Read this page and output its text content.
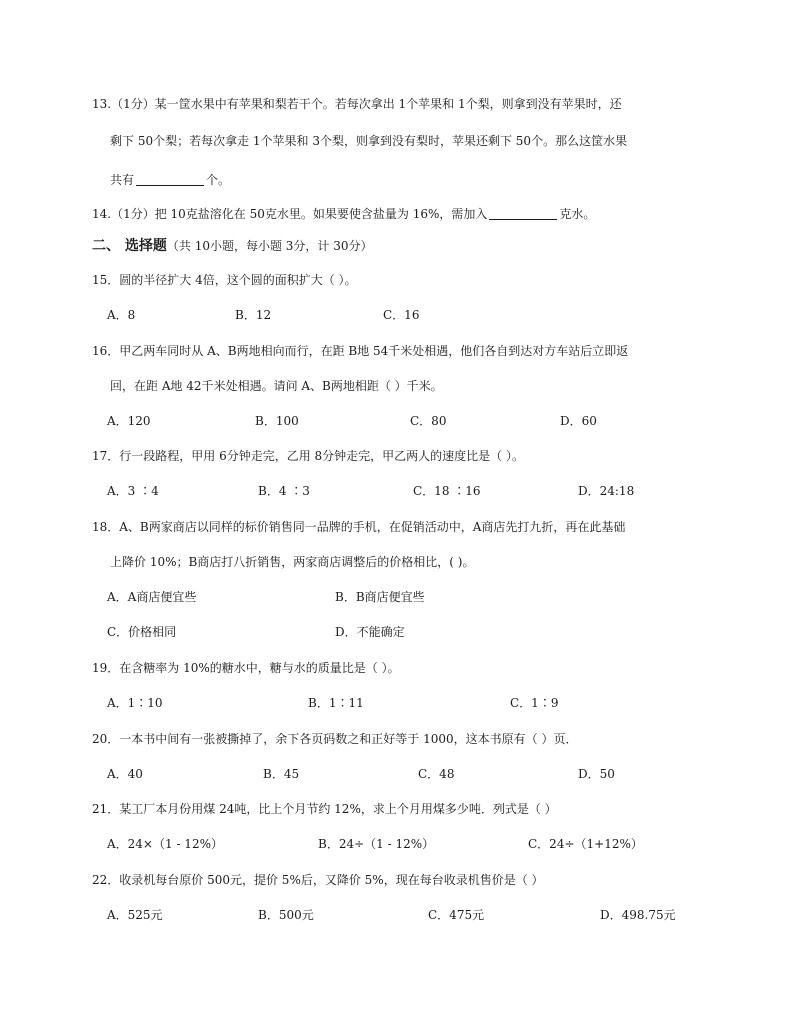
13.（1分）某一筐水果中有苹果和梨若干个。若每次拿出 1个苹果和 1个梨，则拿到没有苹果时，还
剩下 50个梨；若每次拿走 1个苹果和 3个梨，则拿到没有梨时，苹果还剩下 50个。那么这筐水果
共有	个。
14.（1分）把 10克盐溶化在 50克水里。如果要使含盐量为 16%，需加入	克水。
二、 选择题（共 10小题，每小题 3分，计 30分）
15．圆的半径扩大 4倍，这个圆的面积扩大（ ）。
A．8	B．12	C．16
16．甲乙两车同时从 A、B两地相向而行，在距 B地 54千米处相遇，他们各自到达对方车站后立即返
回，在距 A地 42千米处相遇。请问 A、B两地相距（ ）千米。
A．120	B．100	C．80	D．60
17．行一段路程，甲用 6分钟走完，乙用 8分钟走完，甲乙两人的速度比是（ ）。
A．3 ∶4	B．4 ∶3	C．18 ∶16	D．24:18
18．A、B两家商店以同样的标价销售同一品牌的手机，在促销活动中，A商店先打九折，再在此基础
上降价 10%；B商店打八折销售，两家商店调整后的价格相比，( )。
A．A商店便宜些	B．B商店便宜些
C．价格相同	D．不能确定
19．在含糖率为 10%的糖水中，糖与水的质量比是（ ）。
A．1∶10	B．1∶11	C．1∶9
20．一本书中间有一张被撕掉了，余下各页码数之和正好等于 1000，这本书原有（ ）页．
A．40	B．45	C．48	D．50
21．某工厂本月份用煤 24吨，比上个月节约 12%，求上个月用煤多少吨．列式是（ ）
A．24×（1 - 12%）	B．24÷（1 - 12%）	C．24÷（1+12%）
22．收录机每台原价 500元，提价 5%后，又降价 5%，现在每台收录机售价是（ ）
A．525元	B．500元	C．475元	D．498.75元
